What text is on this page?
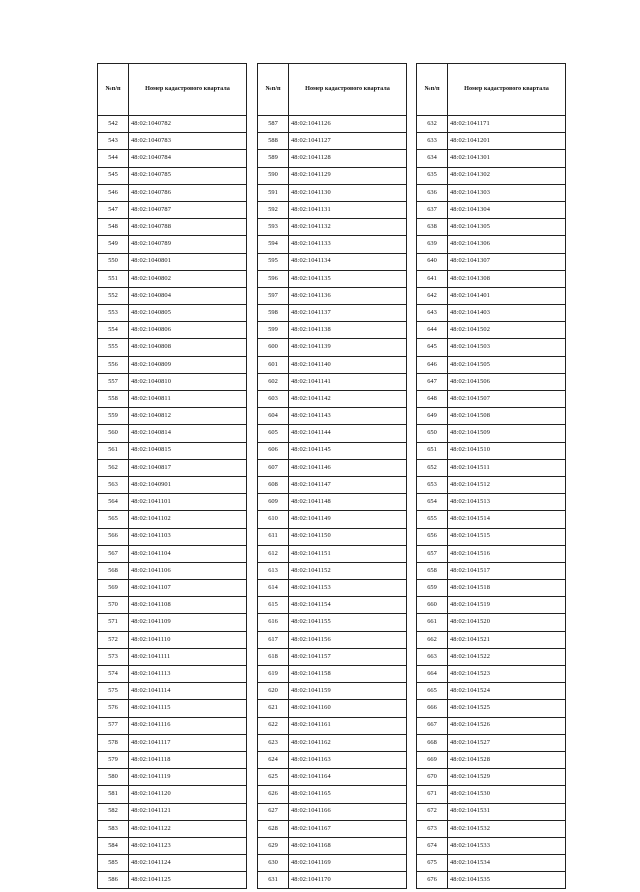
№п/п	Номер кадастрового квартала
542	48:02:1040782
543	48:02:1040783
544	48:02:1040784
545	48:02:1040785
546	48:02:1040786
547	48:02:1040787
548	48:02:1040788
549	48:02:1040789
550	48:02:1040801
551	48:02:1040802
552	48:02:1040804
553	48:02:1040805
554	48:02:1040806
555	48:02:1040808
556	48:02:1040809
557	48:02:1040810
558	48:02:1040811
559	48:02:1040812
560	48:02:1040814
561	48:02:1040815
562	48:02:1040817
563	48:02:1040901
564	48:02:1041101
565	48:02:1041102
566	48:02:1041103
567	48:02:1041104
568	48:02:1041106
569	48:02:1041107
570	48:02:1041108
571	48:02:1041109
572	48:02:1041110
573	48:02:1041111
574	48:02:1041113
575	48:02:1041114
576	48:02:1041115
577	48:02:1041116
578	48:02:1041117
579	48:02:1041118
580	48:02:1041119
581	48:02:1041120
582	48:02:1041121
583	48:02:1041122
584	48:02:1041123
585	48:02:1041124
586	48:02:1041125
№п/п	Номер кадастрового квартала
587	48:02:1041126
588	48:02:1041127
589	48:02:1041128
590	48:02:1041129
591	48:02:1041130
592	48:02:1041131
593	48:02:1041132
594	48:02:1041133
595	48:02:1041134
596	48:02:1041135
597	48:02:1041136
598	48:02:1041137
599	48:02:1041138
600	48:02:1041139
601	48:02:1041140
602	48:02:1041141
603	48:02:1041142
604	48:02:1041143
605	48:02:1041144
606	48:02:1041145
607	48:02:1041146
608	48:02:1041147
609	48:02:1041148
610	48:02:1041149
611	48:02:1041150
612	48:02:1041151
613	48:02:1041152
614	48:02:1041153
615	48:02:1041154
616	48:02:1041155
617	48:02:1041156
618	48:02:1041157
619	48:02:1041158
620	48:02:1041159
621	48:02:1041160
622	48:02:1041161
623	48:02:1041162
624	48:02:1041163
625	48:02:1041164
626	48:02:1041165
627	48:02:1041166
628	48:02:1041167
629	48:02:1041168
630	48:02:1041169
631	48:02:1041170
№п/п	Номер кадастрового квартала
632	48:02:1041171
633	48:02:1041201
634	48:02:1041301
635	48:02:1041302
636	48:02:1041303
637	48:02:1041304
638	48:02:1041305
639	48:02:1041306
640	48:02:1041307
641	48:02:1041308
642	48:02:1041401
643	48:02:1041403
644	48:02:1041502
645	48:02:1041503
646	48:02:1041505
647	48:02:1041506
648	48:02:1041507
649	48:02:1041508
650	48:02:1041509
651	48:02:1041510
652	48:02:1041511
653	48:02:1041512
654	48:02:1041513
655	48:02:1041514
656	48:02:1041515
657	48:02:1041516
658	48:02:1041517
659	48:02:1041518
660	48:02:1041519
661	48:02:1041520
662	48:02:1041521
663	48:02:1041522
664	48:02:1041523
665	48:02:1041524
666	48:02:1041525
667	48:02:1041526
668	48:02:1041527
669	48:02:1041528
670	48:02:1041529
671	48:02:1041530
672	48:02:1041531
673	48:02:1041532
674	48:02:1041533
675	48:02:1041534
676	48:02:1041535
